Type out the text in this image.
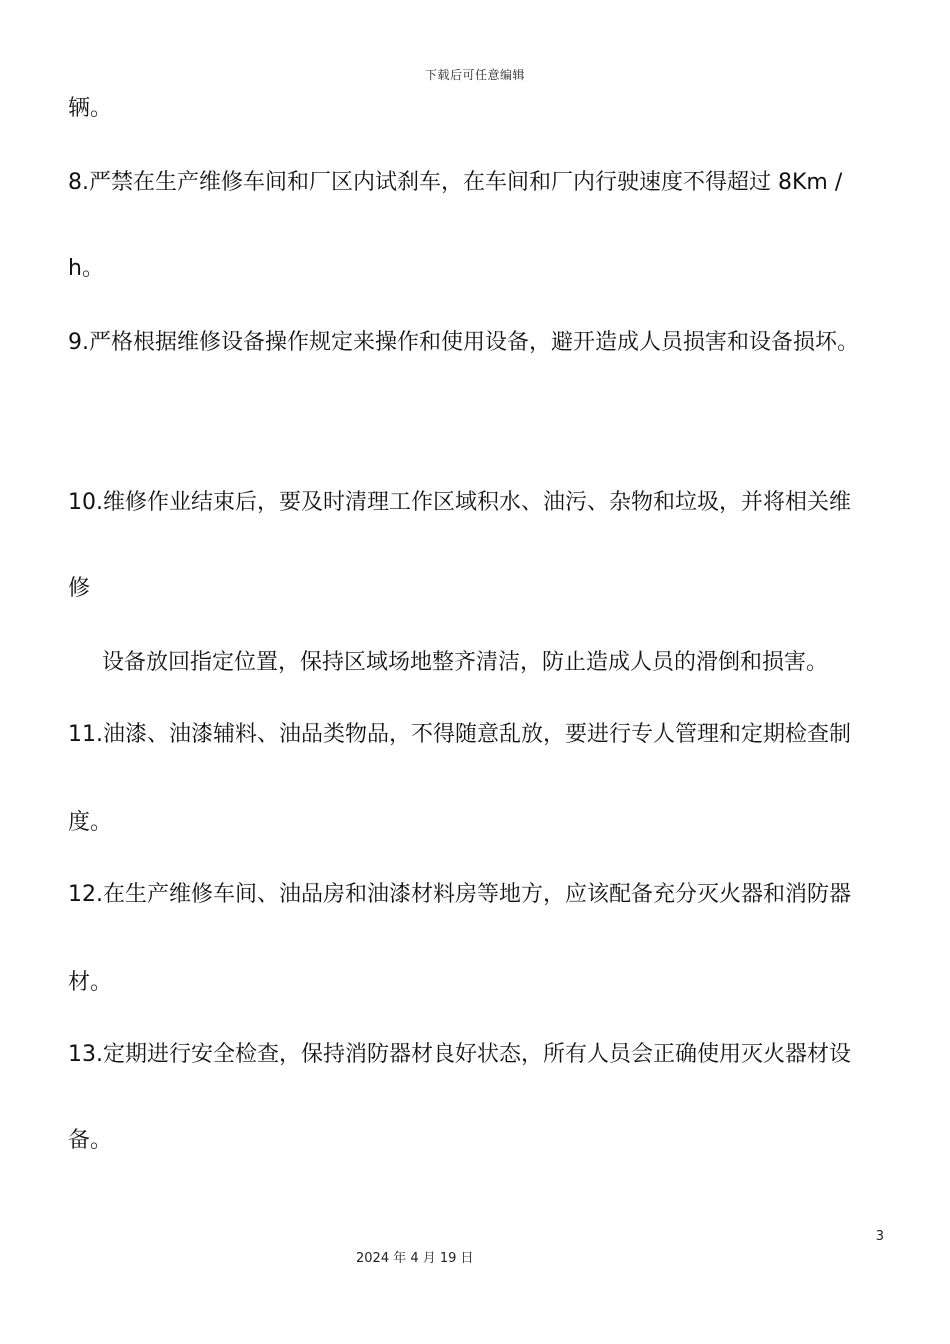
下载后可任意编辑
辆。
8.严禁在生产维修车间和厂区内试刹车，在车间和厂内行驶速度不得超过 8Km /
h。
9.严格根据维修设备操作规定来操作和使用设备，避开造成人员损害和设备损坏。
10.维修作业结束后，要及时清理工作区域积水、油污、杂物和垃圾，并将相关维
修
设备放回指定位置，保持区域场地整齐清洁，防止造成人员的滑倒和损害。
11.油漆、油漆辅料、油品类物品，不得随意乱放，要进行专人管理和定期检查制
度。
12.在生产维修车间、油品房和油漆材料房等地方，应该配备充分灭火器和消防器
材。
13.定期进行安全检查，保持消防器材良好状态，所有人员会正确使用灭火器材设
备。
3
2024 年 4 月 19 日
